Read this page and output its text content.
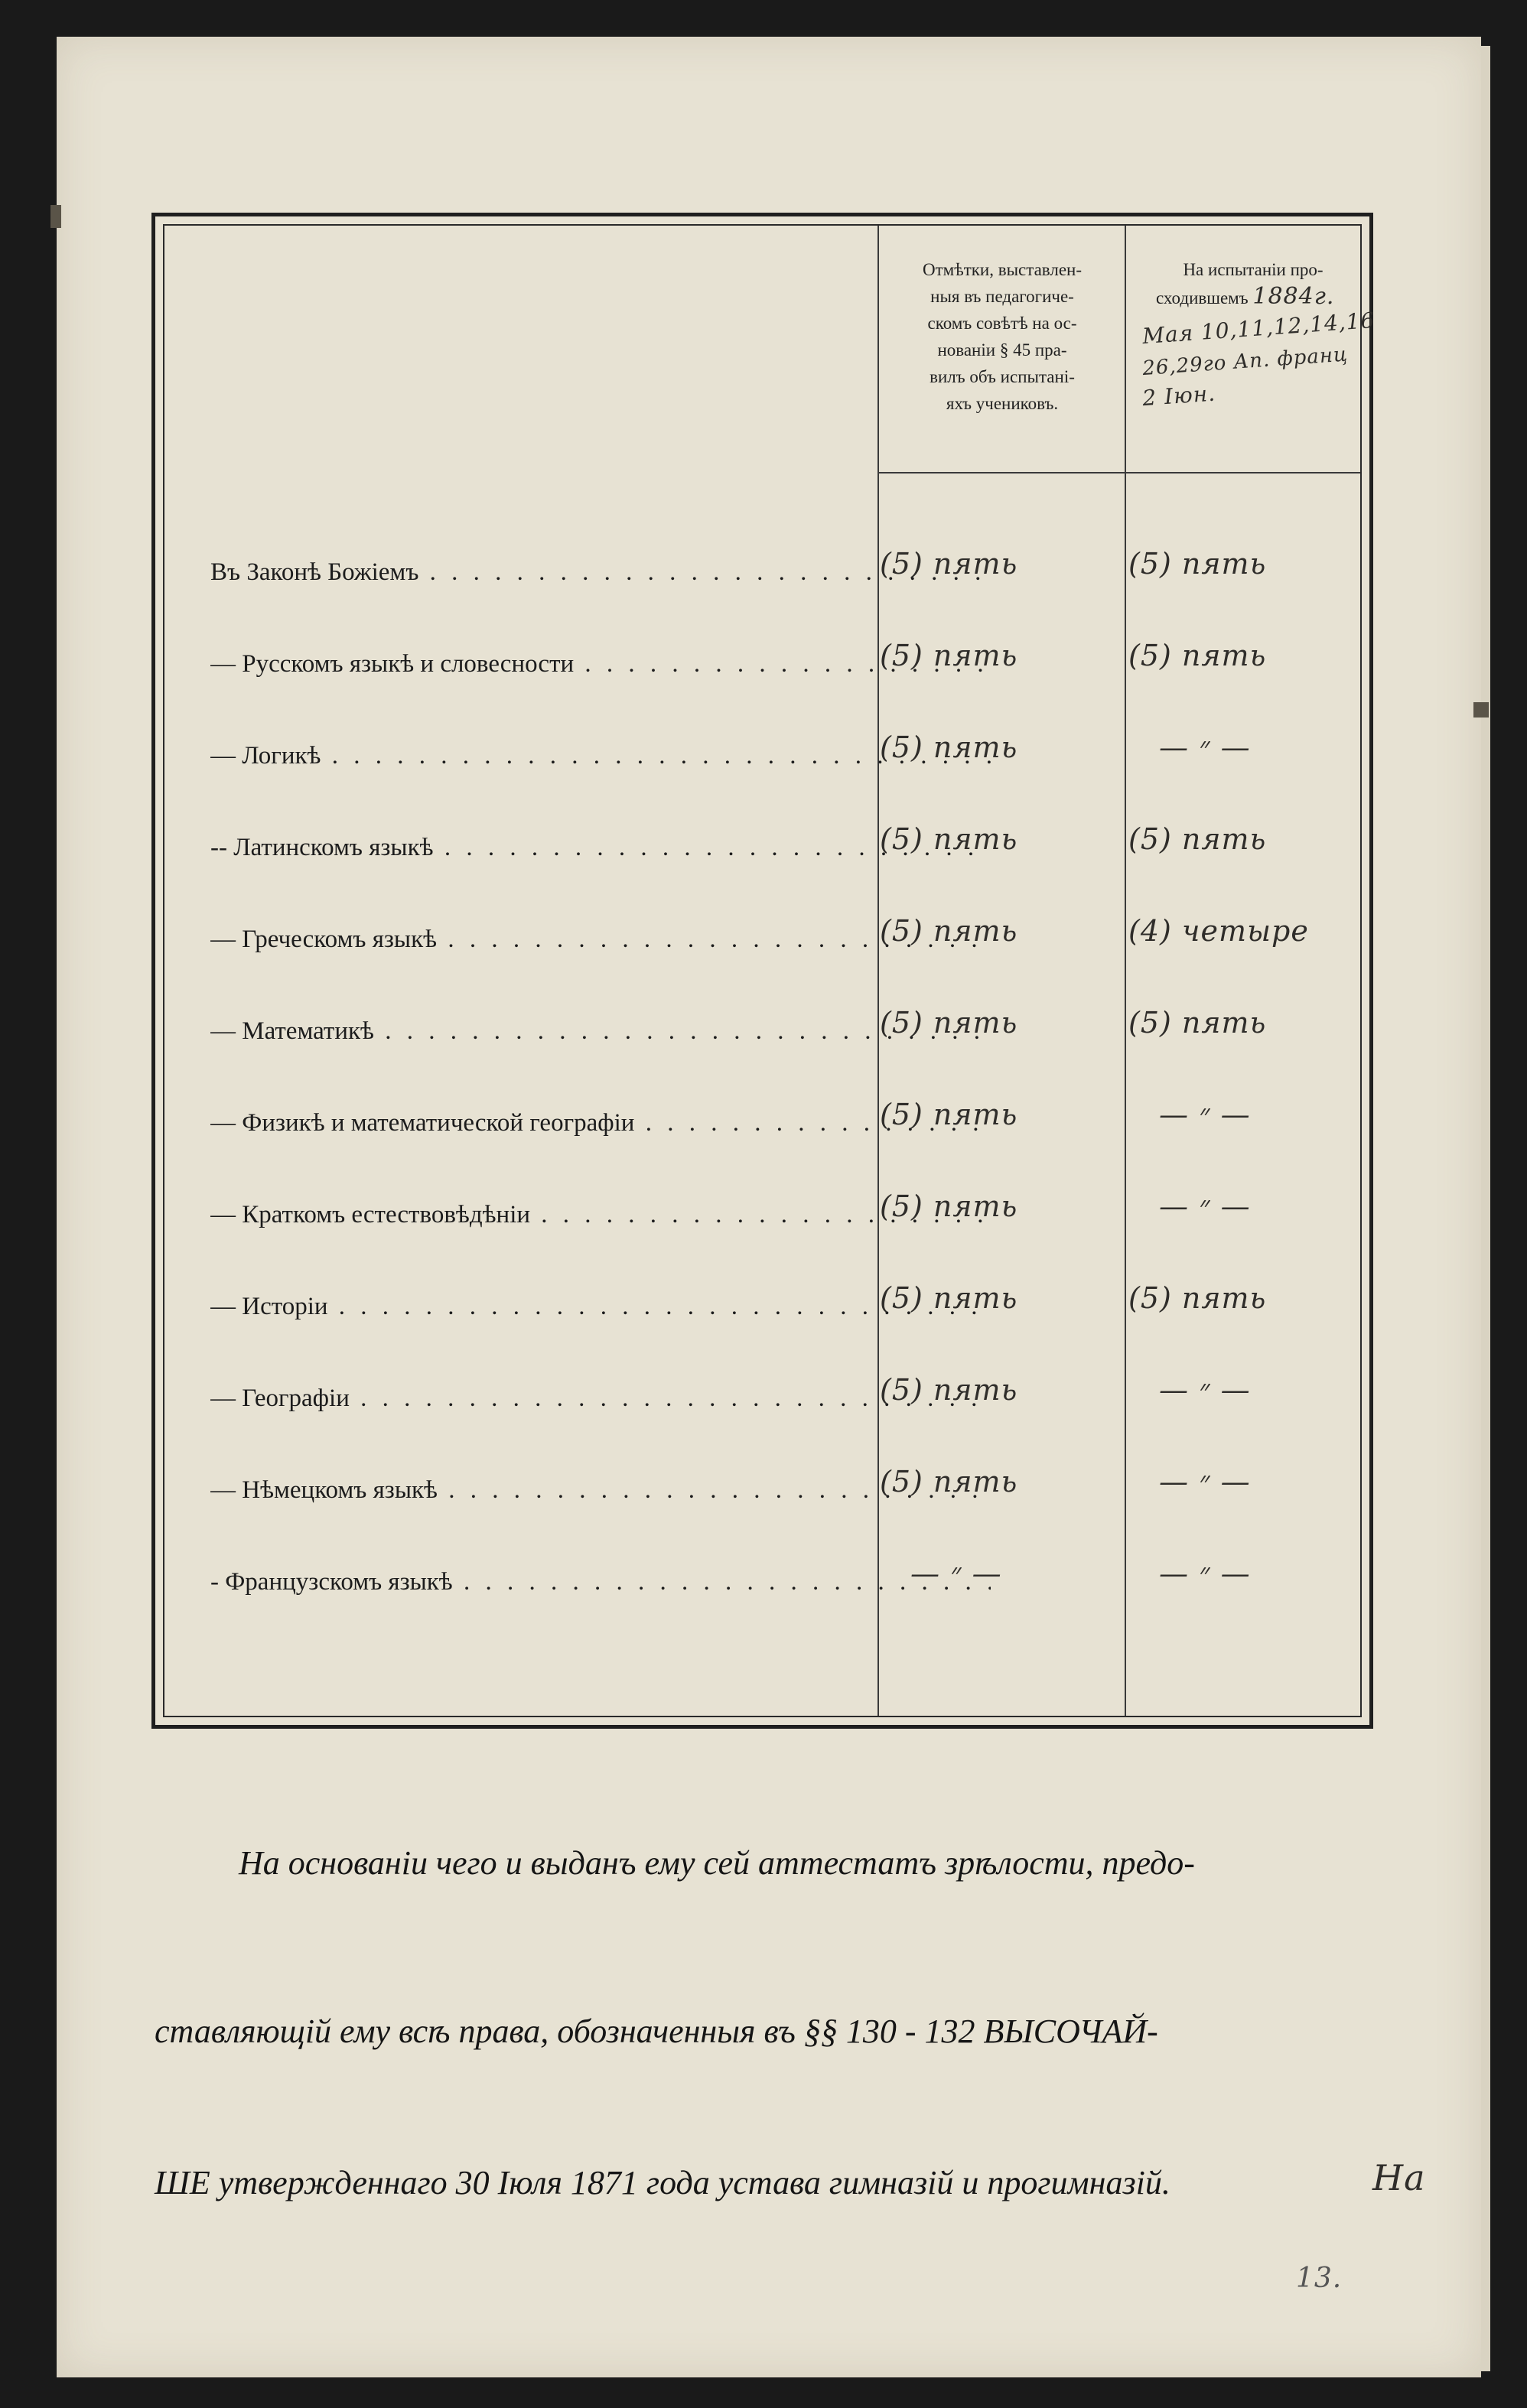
Отмѣтки, выставлен-
ныя въ педагогиче-
скомъ совѣтѣ на ос-
нованіи § 45 пра-
вилъ объ испытані-
яхъ учениковъ.
На испытаніи про-
сходившемъ 1884г.
Мая 10,11,12,14,16
26,29го Ап. франц
2 Іюн.
Въ Законѣ Божіемъ . . .	(5) пять	(5) пять
— Русскомъ языкѣ и словесности . . .	(5) пять	(5) пять
— Логикѣ . . .	(5) пять	— ״ —
-- Латинскомъ языкѣ . . .	(5) пять	(5) пять
— Греческомъ языкѣ . . .	(5) пять	(4) четыре
— Математикѣ . . .	(5) пять	(5) пять
— Физикѣ и математической географіи . . .	(5) пять	— ״ —
— Краткомъ естествовѣдѣніи . . .	(5) пять	— ״ —
— Исторіи . . .	(5) пять	(5) пять
— Географіи . . .	(5) пять	— ״ —
— Нѣмецкомъ языкѣ . . .	(5) пять	— ״ —
- Французскомъ языкѣ . . .	— ״ —	— ״ —
На основаніи чего и выданъ ему сей аттестатъ зрѣлости, предо-
ставляющій ему всѣ права, обозначенныя въ §§ 130 - 132 ВЫСОЧАЙ-
ШЕ утвержденнаго 30 Іюля 1871 года устава гимназій и прогимназій.	На
13.
